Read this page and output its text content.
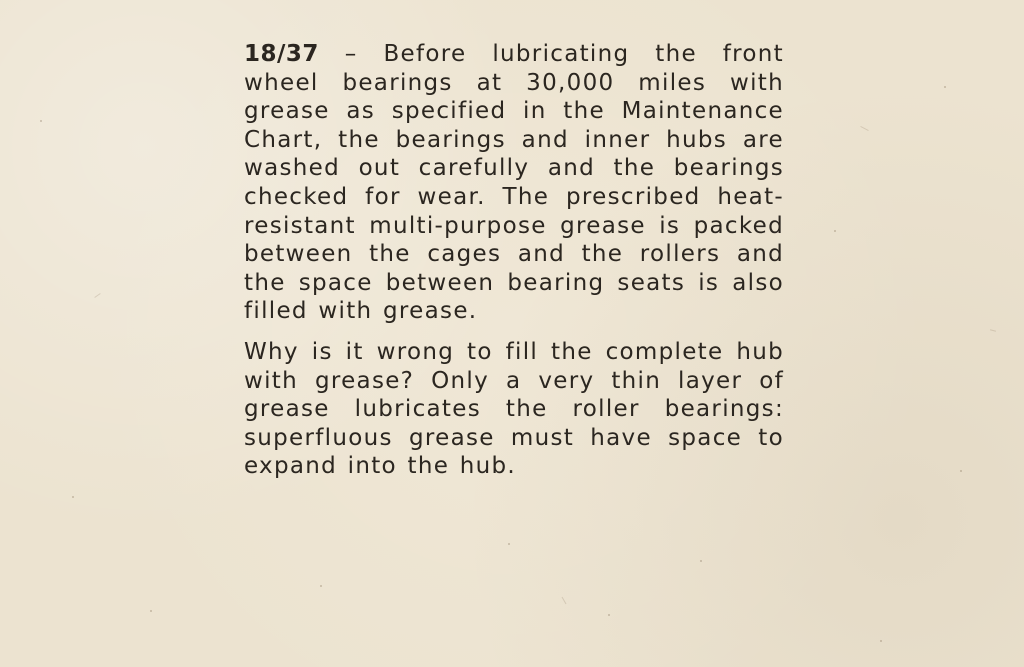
18/37 – Before lubricating the front wheel bearings at 30,000 miles with grease as specified in the Maintenance Chart, the bearings and inner hubs are washed out carefully and the bearings checked for wear. The prescribed heat-resistant multi-purpose grease is packed between the cages and the rollers and the space between bearing seats is also filled with grease.

Why is it wrong to fill the complete hub with grease? Only a very thin layer of grease lubricates the roller bearings: superfluous grease must have space to expand into the hub.
